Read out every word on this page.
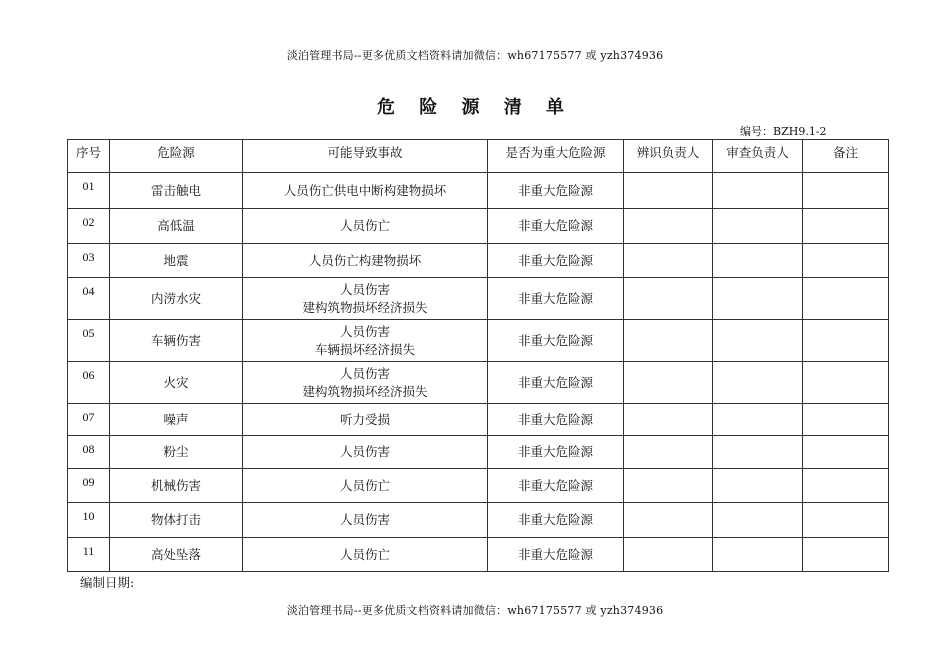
淡泊管理书局--更多优质文档资料请加微信：wh67175577 或 yzh374936
危 险 源 清 单
编号：BZH9.1-2
序号	危险源	可能导致事故	是否为重大危险源	辨识负责人	审查负责人	备注
01	雷击触电	人员伤亡供电中断构建物损坏	非重大危险源			
02	高低温	人员伤亡	非重大危险源			
03	地震	人员伤亡构建物损坏	非重大危险源			
04	内涝水灾	人员伤害
建构筑物损坏经济损失	非重大危险源			
05	车辆伤害	人员伤害
车辆损坏经济损失	非重大危险源			
06	火灾	人员伤害
建构筑物损坏经济损失	非重大危险源			
07	噪声	听力受损	非重大危险源			
08	粉尘	人员伤害	非重大危险源			
09	机械伤害	人员伤亡	非重大危险源			
10	物体打击	人员伤害	非重大危险源			
11	高处坠落	人员伤亡	非重大危险源			
编制日期:
淡泊管理书局--更多优质文档资料请加微信：wh67175577 或 yzh374936
